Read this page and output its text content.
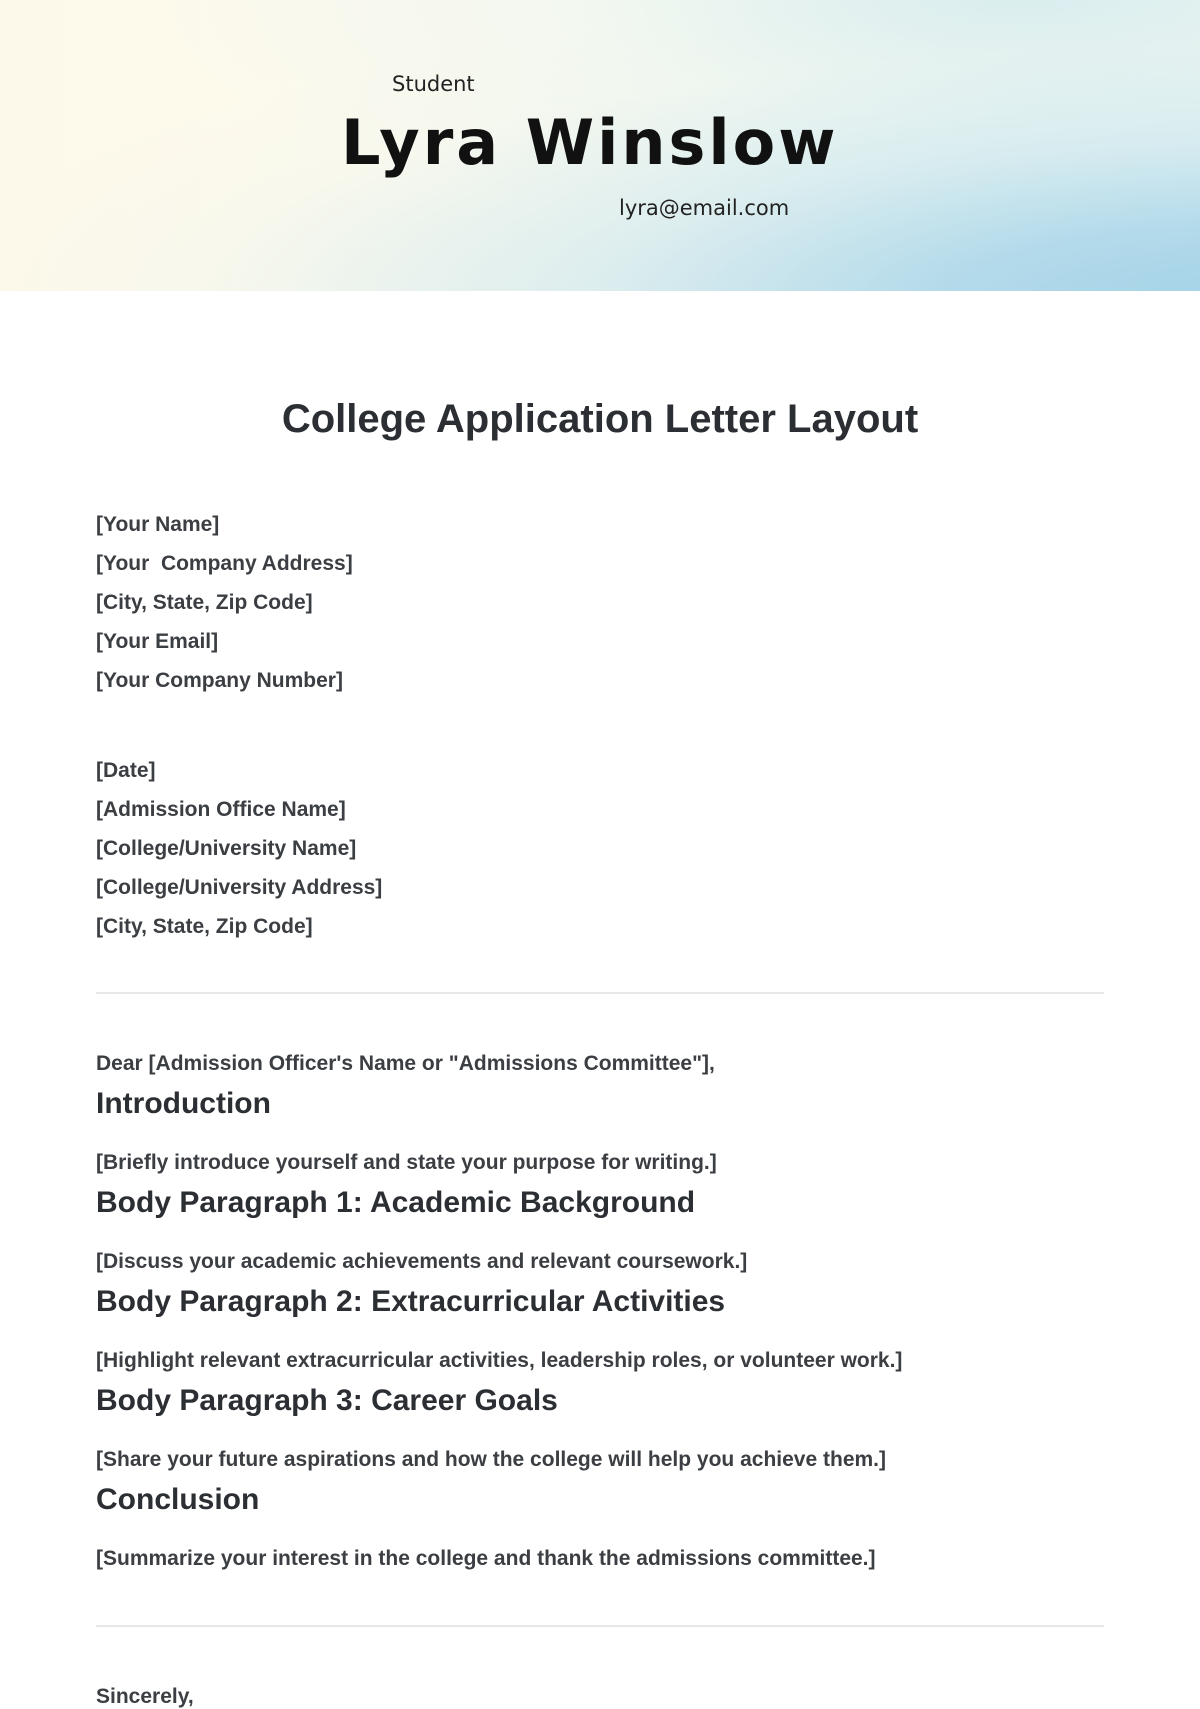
Student
Lyra Winslow
lyra@email.com
College Application Letter Layout
[Your Name]
[Your  Company Address]
[City, State, Zip Code]
[Your Email]
[Your Company Number]
[Date]
[Admission Office Name]
[College/University Name]
[College/University Address]
[City, State, Zip Code]
Dear [Admission Officer's Name or "Admissions Committee"],
Introduction
[Briefly introduce yourself and state your purpose for writing.]
Body Paragraph 1: Academic Background
[Discuss your academic achievements and relevant coursework.]
Body Paragraph 2: Extracurricular Activities
[Highlight relevant extracurricular activities, leadership roles, or volunteer work.]
Body Paragraph 3: Career Goals
[Share your future aspirations and how the college will help you achieve them.]
Conclusion
[Summarize your interest in the college and thank the admissions committee.]
Sincerely,
